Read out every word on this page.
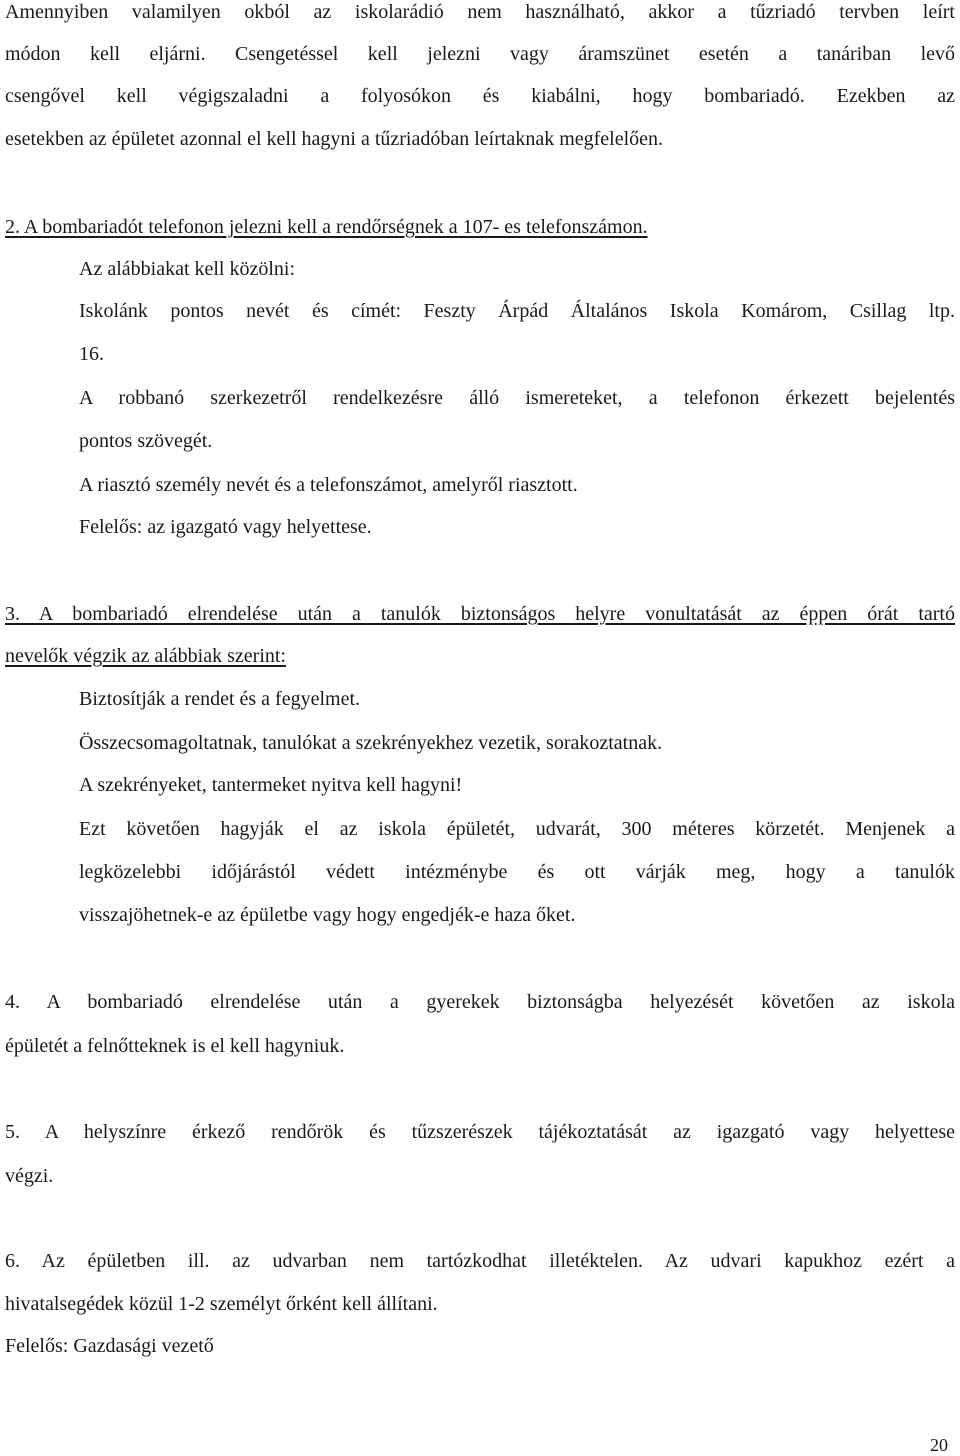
Amennyiben valamilyen okból az iskolarádió nem használható, akkor a tűzriadó tervben leírt
módon kell eljárni. Csengetéssel kell jelezni vagy áramszünet esetén a tanáriban levő
csengővel kell végigszaladni a folyosókon és kiabálni, hogy bombariadó. Ezekben az
esetekben az épületet azonnal el kell hagyni a tűzriadóban leírtaknak megfelelően.
2. A bombariadót telefonon jelezni kell a rendőrségnek a 107- es telefonszámon.
Az alábbiakat kell közölni:
Iskolánk pontos nevét és címét: Feszty Árpád Általános Iskola Komárom, Csillag ltp.
16.
A robbanó szerkezetről rendelkezésre álló ismereteket, a telefonon érkezett bejelentés
pontos szövegét.
A riasztó személy nevét és a telefonszámot, amelyről riasztott.
Felelős: az igazgató vagy helyettese.
3. A bombariadó elrendelése után a tanulók biztonságos helyre vonultatását az éppen órát tartó
nevelők végzik az alábbiak szerint:
Biztosítják a rendet és a fegyelmet.
Összecsomagoltatnak, tanulókat a szekrényekhez vezetik, sorakoztatnak.
A szekrényeket, tantermeket nyitva kell hagyni!
Ezt követően hagyják el az iskola épületét, udvarát, 300 méteres körzetét. Menjenek a
legközelebbi időjárástól védett intézménybe és ott várják meg, hogy a tanulók
visszajöhetnek-e az épületbe vagy hogy engedjék-e haza őket.
4. A bombariadó elrendelése után a gyerekek biztonságba helyezését követően az iskola
épületét a felnőtteknek is el kell hagyniuk.
5. A helyszínre érkező rendőrök és tűzszerészek tájékoztatását az igazgató vagy helyettese
végzi.
6. Az épületben ill. az udvarban nem tartózkodhat illetéktelen. Az udvari kapukhoz ezért a
hivatalsegédek közül 1-2 személyt őrként kell állítani.
Felelős: Gazdasági vezető
20
